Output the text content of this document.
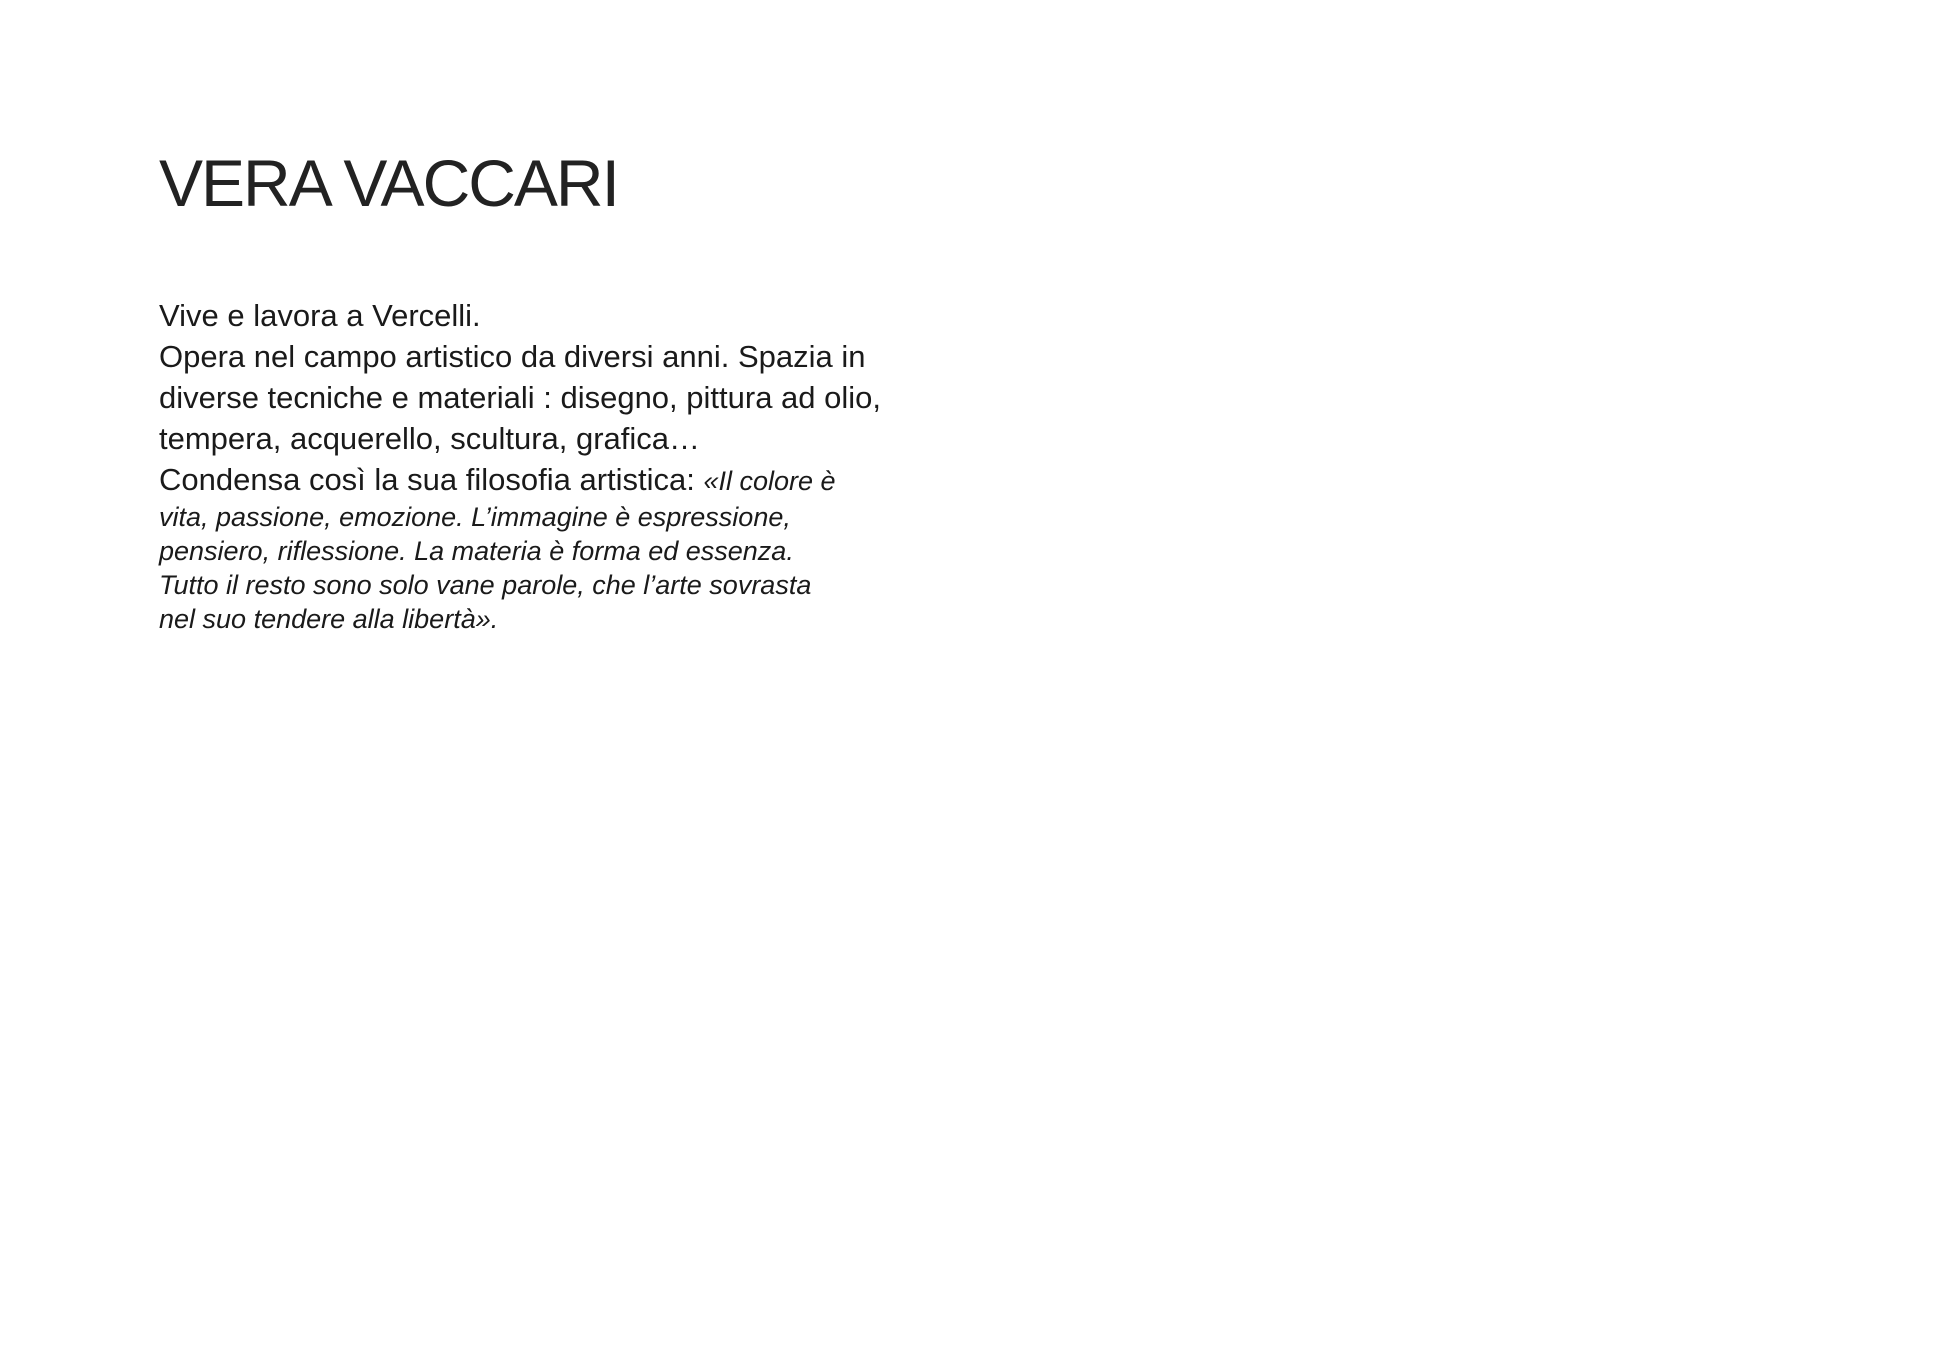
VERA VACCARI
Vive e lavora a Vercelli.
Opera nel campo artistico da diversi anni. Spazia in
diverse tecniche e materiali : disegno, pittura ad olio,
tempera, acquerello, scultura, grafica…
Condensa così la sua filosofia artistica: «Il colore è
vita, passione, emozione. L’immagine è espressione,
pensiero, riflessione. La materia è forma ed essenza.
Tutto il resto sono solo vane parole, che l’arte sovrasta
nel suo tendere alla libertà».
